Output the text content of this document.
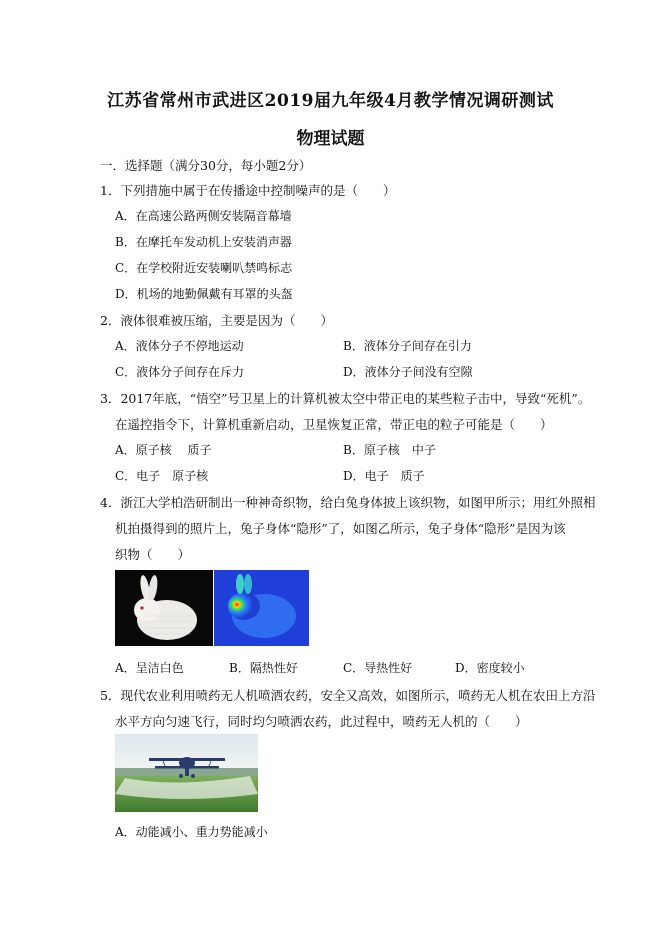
江苏省常州市武进区2019届九年级4月教学情况调研测试
物理试题
一．选择题（满分30分，每小题2分）
1．下列措施中属于在传播途中控制噪声的是（　　）
A．在高速公路两侧安装隔音幕墙
B．在摩托车发动机上安装消声器
C．在学校附近安装喇叭禁鸣标志
D．机场的地勤佩戴有耳罩的头盔
2．液体很难被压缩，主要是因为（　　）
A．液体分子不停地运动	B．液体分子间存在引力
C．液体分子间存在斥力	D．液体分子间没有空隙
3．2017年底，“悟空”号卫星上的计算机被太空中带正电的某些粒子击中，导致“死机”。
在遥控指令下，计算机重新启动，卫星恢复正常，带正电的粒子可能是（　　）
A．原子核　 质子	B．原子核　中子
C．电子　原子核	D．电子　质子
4．浙江大学柏浩研制出一种神奇织物，给白兔身体披上该织物，如图甲所示；用红外照相
机拍摄得到的照片上，兔子身体“隐形”了，如图乙所示，兔子身体“隐形”是因为该
织物（　　）
A．呈洁白色	B．隔热性好	C．导热性好	D．密度较小
5．现代农业利用喷药无人机喷洒农药，安全又高效，如图所示，喷药无人机在农田上方沿
水平方向匀速飞行，同时均匀喷洒农药，此过程中，喷药无人机的（　　）
A．动能减小、重力势能减小
